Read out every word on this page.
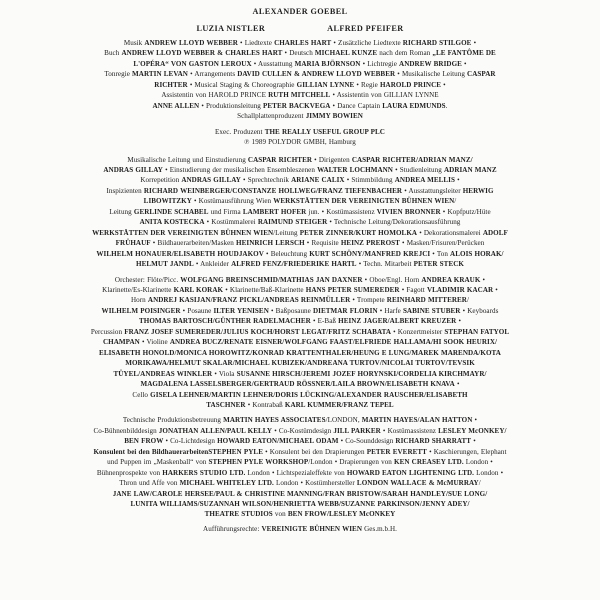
ALEXANDER GOEBEL
LUZIA NISTLER	ALFRED PFEIFER
Musik ANDREW LLOYD WEBBER • Liedtexte CHARLES HART • Zusätzliche Liedtexte RICHARD STILGOE •
Buch ANDREW LLOYD WEBBER & CHARLES HART • Deutsch MICHAEL KUNZE nach dem Roman „LE FANTÔME DE
L'OPÉRA“ VON GASTON LEROUX • Ausstattung MARIA BJÖRNSON • Lichtregie ANDREW BRIDGE •
Tonregie MARTIN LEVAN • Arrangements DAVID CULLEN & ANDREW LLOYD WEBBER • Musikalische Leitung CASPAR
RICHTER • Musical Staging & Choreographie GILLIAN LYNNE • Regie HAROLD PRINCE •
Assistentin von HAROLD PRINCE RUTH MITCHELL • Assistentin von GILLIAN LYNNE
ANNE ALLEN • Produktionsleitung PETER BACKVEGA • Dance Captain LAURA EDMUNDS.
Schallplattenproduzent JIMMY BOWIEN
Exec. Produzent THE REALLY USEFUL GROUP PLC
℗ 1989 POLYDOR GMBH, Hamburg
Musikalische Leitung und Einstudierung CASPAR RICHTER • Dirigenten CASPAR RICHTER/ADRIAN MANZ/
ANDRAS GILLAY • Einstudierung der musikalischen Ensembleszenen WALTER LOCHMANN • Studienleitung ADRIAN MANZ
Korrepetition ANDRAS GILLAY • Sprechtechnik ARIANE CALIX • Stimmbildung ANDREA MELLIS •
Inspizienten RICHARD WEINBERGER/CONSTANZE HOLLWEG/FRANZ TIEFENBACHER • Ausstattungsleiter HERWIG
LIBOWITZKY • Kostümausführung Wien WERKSTÄTTEN DER VEREINIGTEN BÜHNEN WIEN/
Leitung GERLINDE SCHABEL und Firma LAMBERT HOFER jun. • Kostümassistenz VIVIEN BRONNER • Kopfputz/Hüte
ANITA KOSTECKA • Kostümmalerei RAIMUND STEIGER • Technische Leitung/Dekorationsausführung
WERKSTÄTTEN DER VEREINIGTEN BÜHNEN WIEN/Leitung PETER ZINNER/KURT HOMOLKA • Dekorationsmalerei ADOLF
FRÜHAUF • Bildhauerarbeiten/Masken HEINRICH LERSCH • Requisite HEINZ PREROST • Masken/Frisuren/Perücken
WILHELM HONAUER/ELISABETH HOUDJAKOV • Beleuchtung KURT SCHÖNY/MANFRED KREJCI • Ton ALOIS HORAK/
HELMUT JANDL • Ankleider ALFRED FENZ/FRIEDERIKE HARTL • Techn. Mitarbeit PETER STECK
Orchester: Flöte/Picc. WOLFGANG BREINSCHMID/MATHIAS JAN DAXNER • Oboe/Engl. Horn ANDREA KRAUK •
Klarinette/Es-Klarinette KARL KORAK • Klarinette/Baß-Klarinette HANS PETER SUMEREDER • Fagott VLADIMIR KACAR •
Horn ANDREJ KASIJAN/FRANZ PICKL/ANDREAS REINMÜLLER • Trompete REINHARD MITTERER/
WILHELM POISINGER • Posaune ILTER YENISEN • Baßposaune DIETMAR FLORIN • Harfe SABINE STUBER • Keyboards
THOMAS BARTOSCH/GÜNTHER RADELMACHER • E-Baß HEINZ JAGER/ALBERT KREUZER •
Percussion FRANZ JOSEF SUMEREDER/JULIUS KOCH/HORST LEGAT/FRITZ SCHABATA • Konzertmeister STEPHAN FATYOL
CHAMPAN • Violine ANDREA BUCZ/RENATE EISNER/WOLFGANG FAAST/ELFRIEDE HALLAMA/HI SOOK HEURIX/
ELISABETH HONOLD/MONICA HOROWITZ/KONRAD KRATTENTHALER/HEUNG E LUNG/MAREK MARENDA/KOTA
MORIKAWA/HELMUT SKALAR/MICHAEL KUBIZEK/ANDREANA TURTOV/NICOLAI TURTOV/TEVSIK
TÜYEL/ANDREAS WINKLER • Viola SUSANNE HIRSCH/JEREMI JOZEF HORYNSKI/CORDELIA KIRCHMAYR/
MAGDALENA LASSELSBERGER/GERTRAUD RÖSSNER/LAILA BROWN/ELISABETH KNAVA •
Cello GISELA LEHNER/MARTIN LEHNER/DORIS LÜCKING/ALEXANDER RAUSCHER/ELISABETH
TASCHNER • Kontrabaß KARL KUMMER/FRANZ TEPEL
Technische Produktionsbetreuung MARTIN HAYES ASSOCIATES/LONDON, MARTIN HAYES/ALAN HATTON •
Co-Bühnenbilddesign JONATHAN ALLEN/PAUL KELLY • Co-Kostümdesign JILL PARKER • Kostümassistenz LESLEY McONKEY/
BEN FROW • Co-Lichtdesign HOWARD EATON/MICHAEL ODAM • Co-Sounddesign RICHARD SHARRATT •
Konsulent bei den BildhauerarbeitenSTEPHEN PYLE • Konsulent bei den Drapierungen PETER EVERETT • Kaschierungen, Elephant
und Puppen im „Maskenball“ von STEPHEN PYLE WORKSHOP/London • Drapierungen von KEN CREASEY LTD. London •
Bühnenprospekte von HARKERS STUDIO LTD. London • Lichtspezialeffekte von HOWARD EATON LIGHTENING LTD. London •
Thron und Affe von MICHAEL WHITELEY LTD. London • Kostümhersteller LONDON WALLACE & McMURRAY/
JANE LAW/CAROLE HERSEE/PAUL & CHRISTINE MANNING/FRAN BRISTOW/SARAH HANDLEY/SUE LONG/
LUNITA WILLIAMS/SUZANNAH WILSON/HENRIETTA WEBB/SUZANNE PARKINSON/JENNY ADEY/
THEATRE STUDIOS von BEN FROW/LESLEY McONKEY
Aufführungsrechte: VEREINIGTE BÜHNEN WIEN Ges.m.b.H.
